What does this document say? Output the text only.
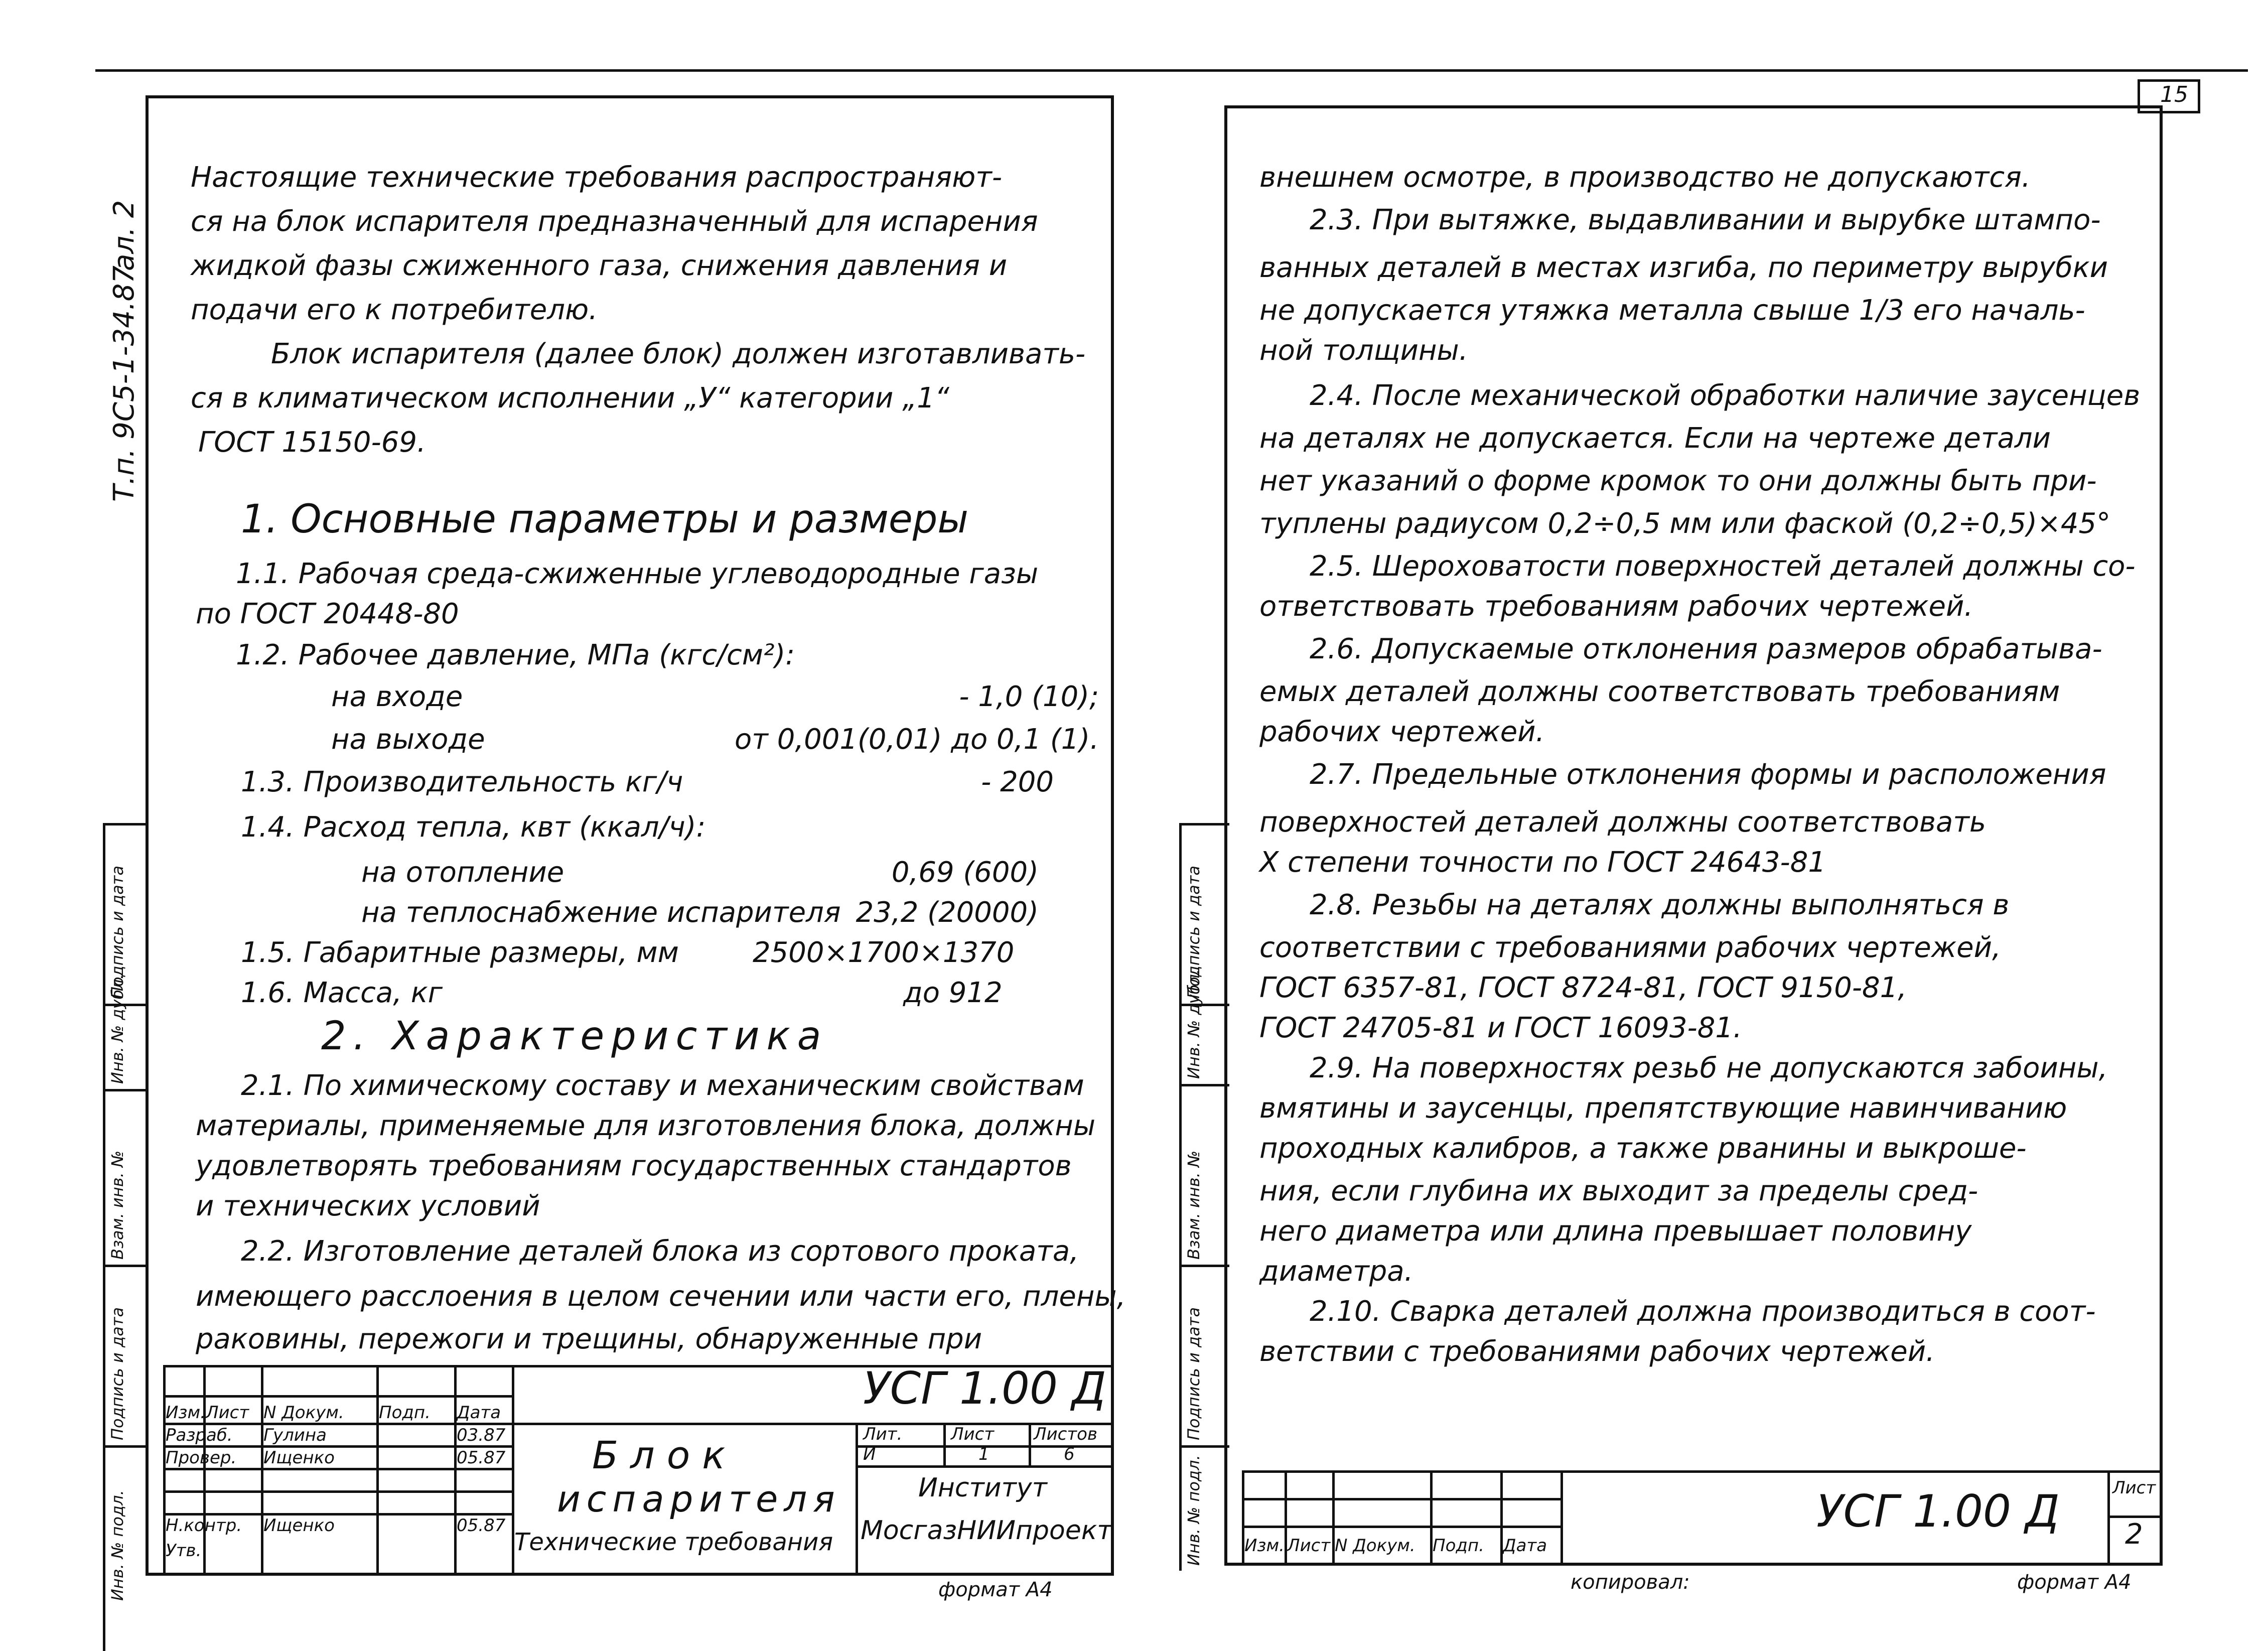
15
ал. 2
Т.п. 9С5-1-34.87
Подпись и дата
Инв. № дубл.
Взам. инв. №
Подпись и дата
Инв. № подл.
Настоящие технические требования распространяют-
ся на блок испарителя предназначенный для испарения
жидкой фазы сжиженного газа, снижения давления и
подачи его к потребителю.
Блок испарителя (далее блок) должен изготавливать-
ся в климатическом исполнении „У“ категории „1“
ГОСТ 15150-69.
1. Основные параметры и размеры
1.1. Рабочая среда-сжиженные углеводородные газы
по ГОСТ 20448-80
1.2. Рабочее давление, МПа (кгс/см²):
на входе	- 1,0 (10);
на выходе	от 0,001(0,01) до 0,1 (1).
1.3. Производительность кг/ч	- 200
1.4. Расход тепла, квт (ккал/ч):
на отопление	0,69 (600)
на теплоснабжение испарителя 23,2 (20000)
1.5. Габаритные размеры, мм	2500×1700×1370
1.6. Масса, кг	до 912
2. Характеристика
2.1. По химическому составу и механическим свойствам
материалы, применяемые для изготовления блока, должны
удовлетворять требованиям государственных стандартов
и технических условий
2.2. Изготовление деталей блока из сортового проката,
имеющего расслоения в целом сечении или части его, плены,
раковины, пережоги и трещины, обнаруженные при
УСГ 1.00 Д
Изм. Лист N Докум. Подп. Дата
Разраб. Гулина	03.87
Провер. Ищенко	05.87
Н.контр. Ищенко	05.87
Утв.
Блок
испарителя
Технические требования
Лит.	Лист Листов
И	1	6
Институт
МосгазНИИпроект
формат А4
Подпись и дата
Инв. № дубл.
Взам. инв. №
Подпись и дата
Инв. № подл.
внешнем осмотре, в производство не допускаются.
2.3. При вытяжке, выдавливании и вырубке штампо-
ванных деталей в местах изгиба, по периметру вырубки
не допускается утяжка металла свыше 1/3 его началь-
ной толщины.
2.4. После механической обработки наличие заусенцев
на деталях не допускается. Если на чертеже детали
нет указаний о форме кромок то они должны быть при-
туплены радиусом 0,2÷0,5 мм или фаской (0,2÷0,5)×45°
2.5. Шероховатости поверхностей деталей должны со-
ответствовать требованиям рабочих чертежей.
2.6. Допускаемые отклонения размеров обрабатыва-
емых деталей должны соответствовать требованиям
рабочих чертежей.
2.7. Предельные отклонения формы и расположения
поверхностей деталей должны соответствовать
X степени точности по ГОСТ 24643-81
2.8. Резьбы на деталях должны выполняться в
соответствии с требованиями рабочих чертежей,
ГОСТ 6357-81, ГОСТ 8724-81, ГОСТ 9150-81,
ГОСТ 24705-81 и ГОСТ 16093-81.
2.9. На поверхностях резьб не допускаются забоины,
вмятины и заусенцы, препятствующие навинчиванию
проходных калибров, а также рванины и выкроше-
ния, если глубина их выходит за пределы сред-
него диаметра или длина превышает половину
диаметра.
2.10. Сварка деталей должна производиться в соот-
ветствии с требованиями рабочих чертежей.
УСГ 1.00 Д
Изм. Лист N Докум. Подп. Дата
Лист
2
копировал:	формат А4
